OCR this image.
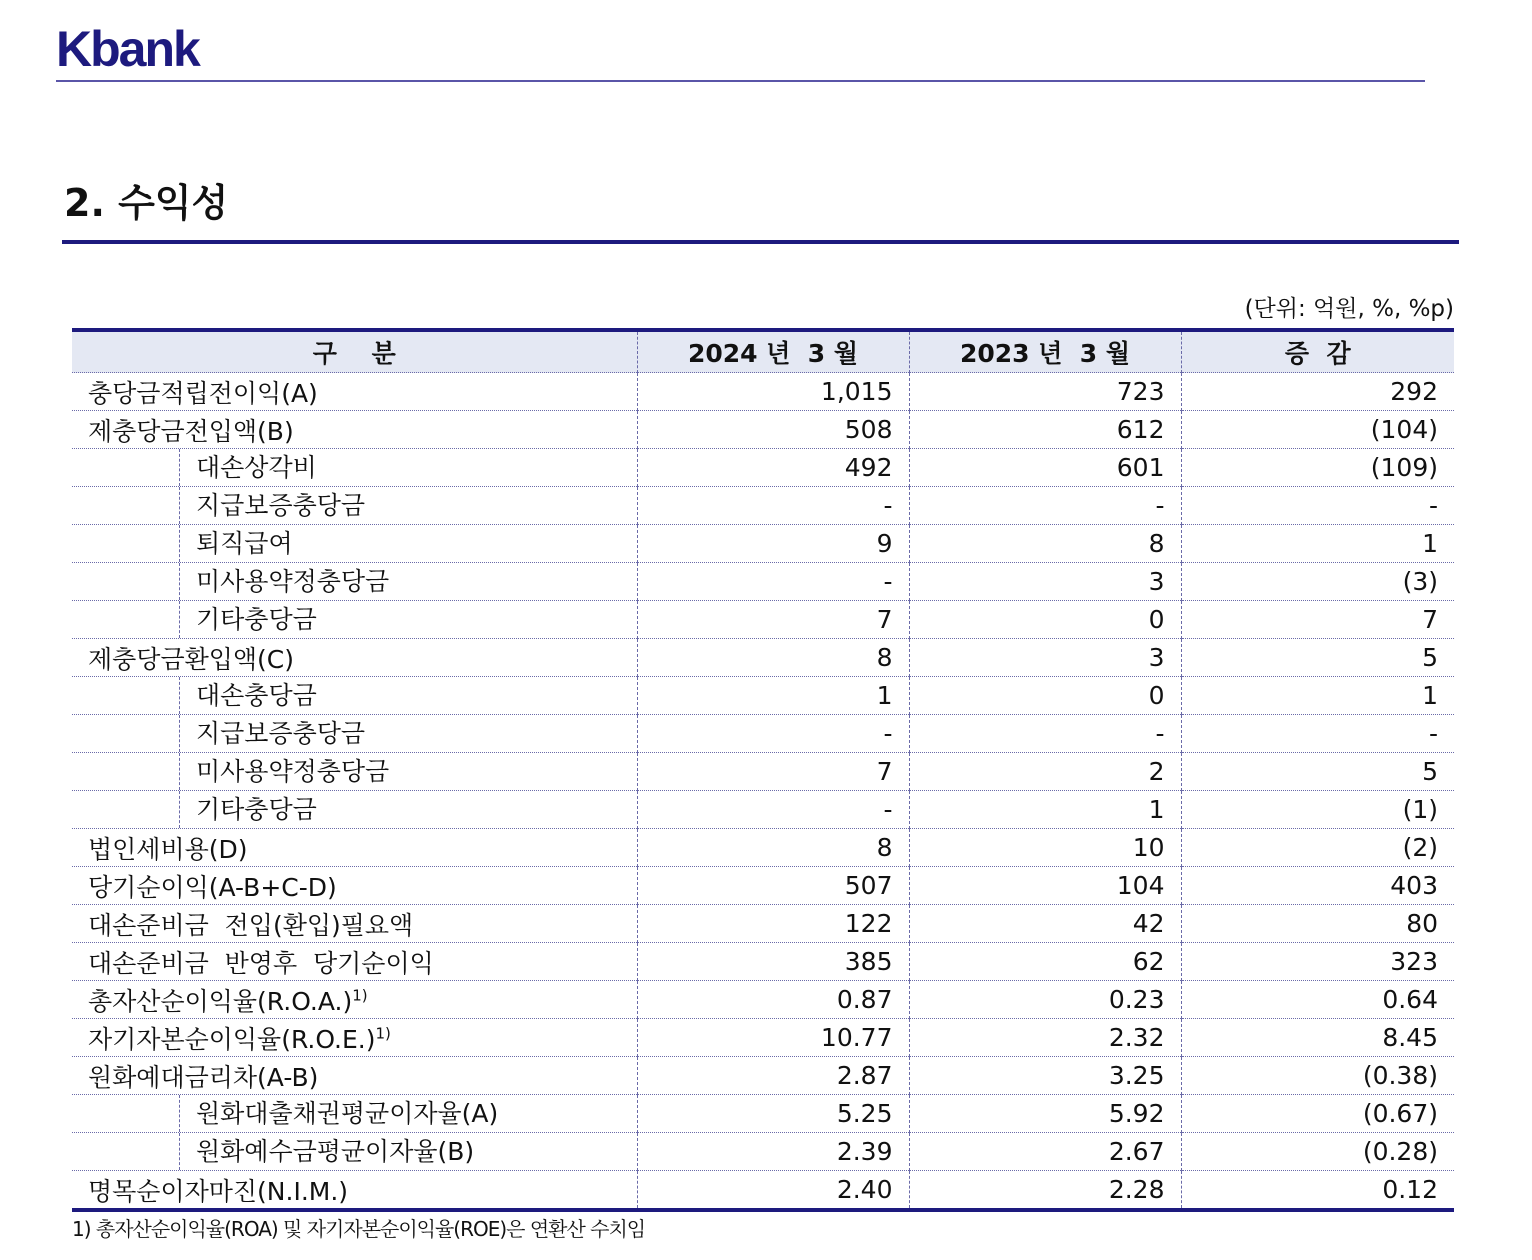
Kbank
2. 수익성
(단위: 억원, %, %p)
구    분	2024 년  3 월	2023 년  3 월	증  감
충당금적립전이익(A)	1,015	723	292
제충당금전입액(B)	508	612	(104)

대손상각비	492	601	(109)

지급보증충당금	-	-	-

퇴직급여	9	8	1

미사용약정충당금	-	3	(3)

기타충당금	7	0	7
제충당금환입액(C)	8	3	5

대손충당금	1	0	1

지급보증충당금	-	-	-

미사용약정충당금	7	2	5

기타충당금	-	1	(1)
법인세비용(D)	8	10	(2)
당기순이익(A-B+C-D)	507	104	403
대손준비금  전입(환입)필요액	122	42	80
대손준비금  반영후  당기순이익	385	62	323
총자산순이익율$(R.O.A.)^{1)}$	0.87	0.23	0.64
자기자본순이익율$(R.O.E.)^{1)}$	10.77	2.32	8.45
원화예대금리차(A-B)	2.87	3.25	(0.38)

원화대출채권평균이자율(A)	5.25	5.92	(0.67)

원화예수금평균이자율(B)	2.39	2.67	(0.28)
명목순이자마진(N.I.M.)	2.40	2.28	0.12
1) 총자산순이익율(ROA) 및 자기자본순이익율(ROE)은 연환산 수치임
